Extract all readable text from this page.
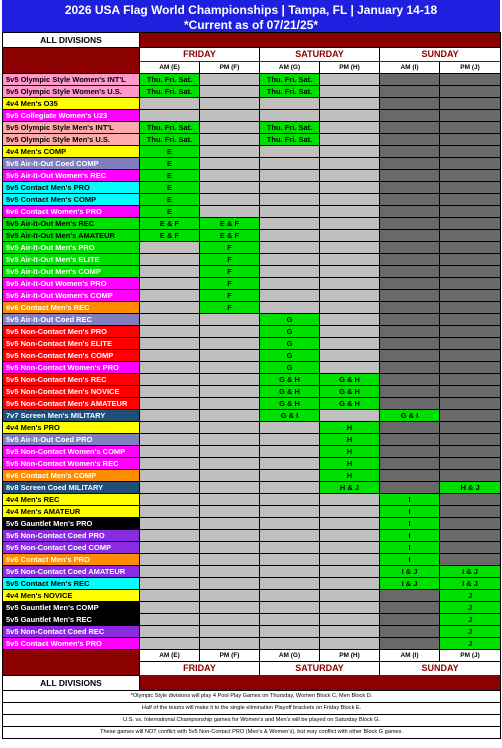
2026 USA Flag World Championships | Tampa, FL | January 14-18
*Current as of 07/21/25*
ALL DIVISIONS						
	FRIDAY		SATURDAY		SUNDAY	
	AM (E)	PM (F)	AM (G)	PM (H)	AM (I)	PM (J)
5v5 Olympic Style Women's INT'L	Thu. Fri. Sat.		Thu. Fri. Sat.			
5v5 Olympic Style Women's U.S.	Thu. Fri. Sat.		Thu. Fri. Sat.			
4v4 Men's O35						
5v5 Collegiate Women's U23						
5v5 Olympic Style Men's INT'L	Thu. Fri. Sat.		Thu. Fri. Sat.			
5v5 Olympic Style Men's U.S.	Thu. Fri. Sat.		Thu. Fri. Sat.			
4v4 Men's COMP	E					
5v5 Air-It-Out Coed COMP	E					
5v5 Air-It-Out Women's REC	E					
5v5 Contact Men's PRO	E					
5v5 Contact Men's COMP	E					
6v6 Contact Women's PRO	E					
5v5 Air-It-Out Men's REC	E & F	E & F				
5v5 Air-It-Out Men's AMATEUR	E & F	E & F				
5v5 Air-It-Out Men's PRO		F				
5v5 Air-It-Out Men's ELITE		F				
5v5 Air-It-Out Men's COMP		F				
5v5 Air-It-Out Women's PRO		F				
5v5 Air-It-Out Women's COMP		F				
6v6 Contact Men's REC		F				
5v5 Air-It-Out Coed REC			G			
5v5 Non-Contact Men's PRO			G			
5v5 Non-Contact Men's ELITE			G			
5v5 Non-Contact Men's COMP			G			
5v5 Non-Contact Women's PRO			G			
5v5 Non-Contact Men's REC			G & H	G & H		
5v5 Non-Contact Men's NOVICE			G & H	G & H		
5v5 Non-Contact Men's AMATEUR			G & H	G & H		
7v7 Screen Men's MILITARY			G & I		G & I	
4v4 Men's PRO				H		
5v5 Air-It-Out Coed PRO				H		
5v5 Non-Contact Women's COMP				H		
5v5 Non-Contact Women's REC				H		
6v6 Contact Men's COMP				H		
8v8 Screen Coed MILITARY				H & J		H & J
4v4 Men's REC					I	
4v4 Men's AMATEUR					I	
5v5 Gauntlet Men's PRO					I	
5v5 Non-Contact Coed PRO					I	
5v5 Non-Contact Coed COMP					I	
6v6 Contact Men's PRO					I	
5v5 Non-Contact Coed AMATEUR					I & J	I & J
5v5 Contact Men's REC					I & J	I & J
4v4 Men's NOVICE						J
5v5 Gauntlet Men's COMP						J
5v5 Gauntlet Men's REC						J
5v5 Non-Contact Coed REC						J
5v5 Contact Women's PRO						J
	AM (E)	PM (F)	AM (G)	PM (H)	AM (I)	PM (J)
	FRIDAY		SATURDAY		SUNDAY	
ALL DIVISIONS						
*Olympic Style divisions will play 4 Pool Play Games on Thursday, Women Block C, Men Block D.						
Half of the teams will make it to the single elimination Playoff brackets on Friday Block E.						
U.S. vs. International Championship games for Women's and Men's will be played on Saturday Block G.						
These games will NOT conflict with 5v5 Non-Contact PRO (Men's & Women's), but may conflict with other Block G games.						
